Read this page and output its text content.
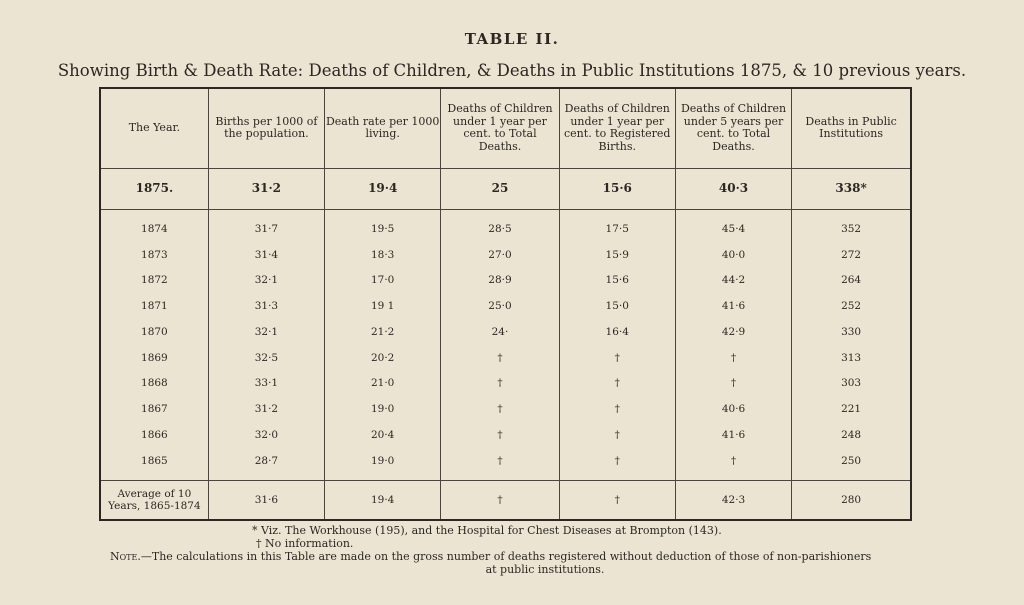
TABLE II.
Showing Birth & Death Rate: Deaths of Children, & Deaths in Public Institutions 1875, & 10 previous years.
The Year.	Births per 1000 of the population.	Death rate per 1000 living.	Deaths of Children under 1 year per cent. to Total Deaths.	Deaths of Children under 1 year per cent. to Registered Births.	Deaths of Children under 5 years per cent. to Total Deaths.	Deaths in Public Institutions
1875.	31·2	19·4	25	15·6	40·3	338*
1874	31·7	19·5	28·5	17·5	45·4	352
1873	31·4	18·3	27·0	15·9	40·0	272
1872	32·1	17·0	28·9	15·6	44·2	264
1871	31·3	19 1	25·0	15·0	41·6	252
1870	32·1	21·2	24·	16·4	42·9	330
1869	32·5	20·2	†	†	†	313
1868	33·1	21·0	†	†	†	303
1867	31·2	19·0	†	†	40·6	221
1866	32·0	20·4	†	†	41·6	248
1865	28·7	19·0	†	†	†	250
Average of 10 Years, 1865-1874	31·6	19·4	†	†	42·3	280
* Viz. The Workhouse (195), and the Hospital for Chest Diseases at Brompton (143).
† No information.
Note.—The calculations in this Table are made on the gross number of deaths registered without deduction of those of non-parishioners
at public institutions.
